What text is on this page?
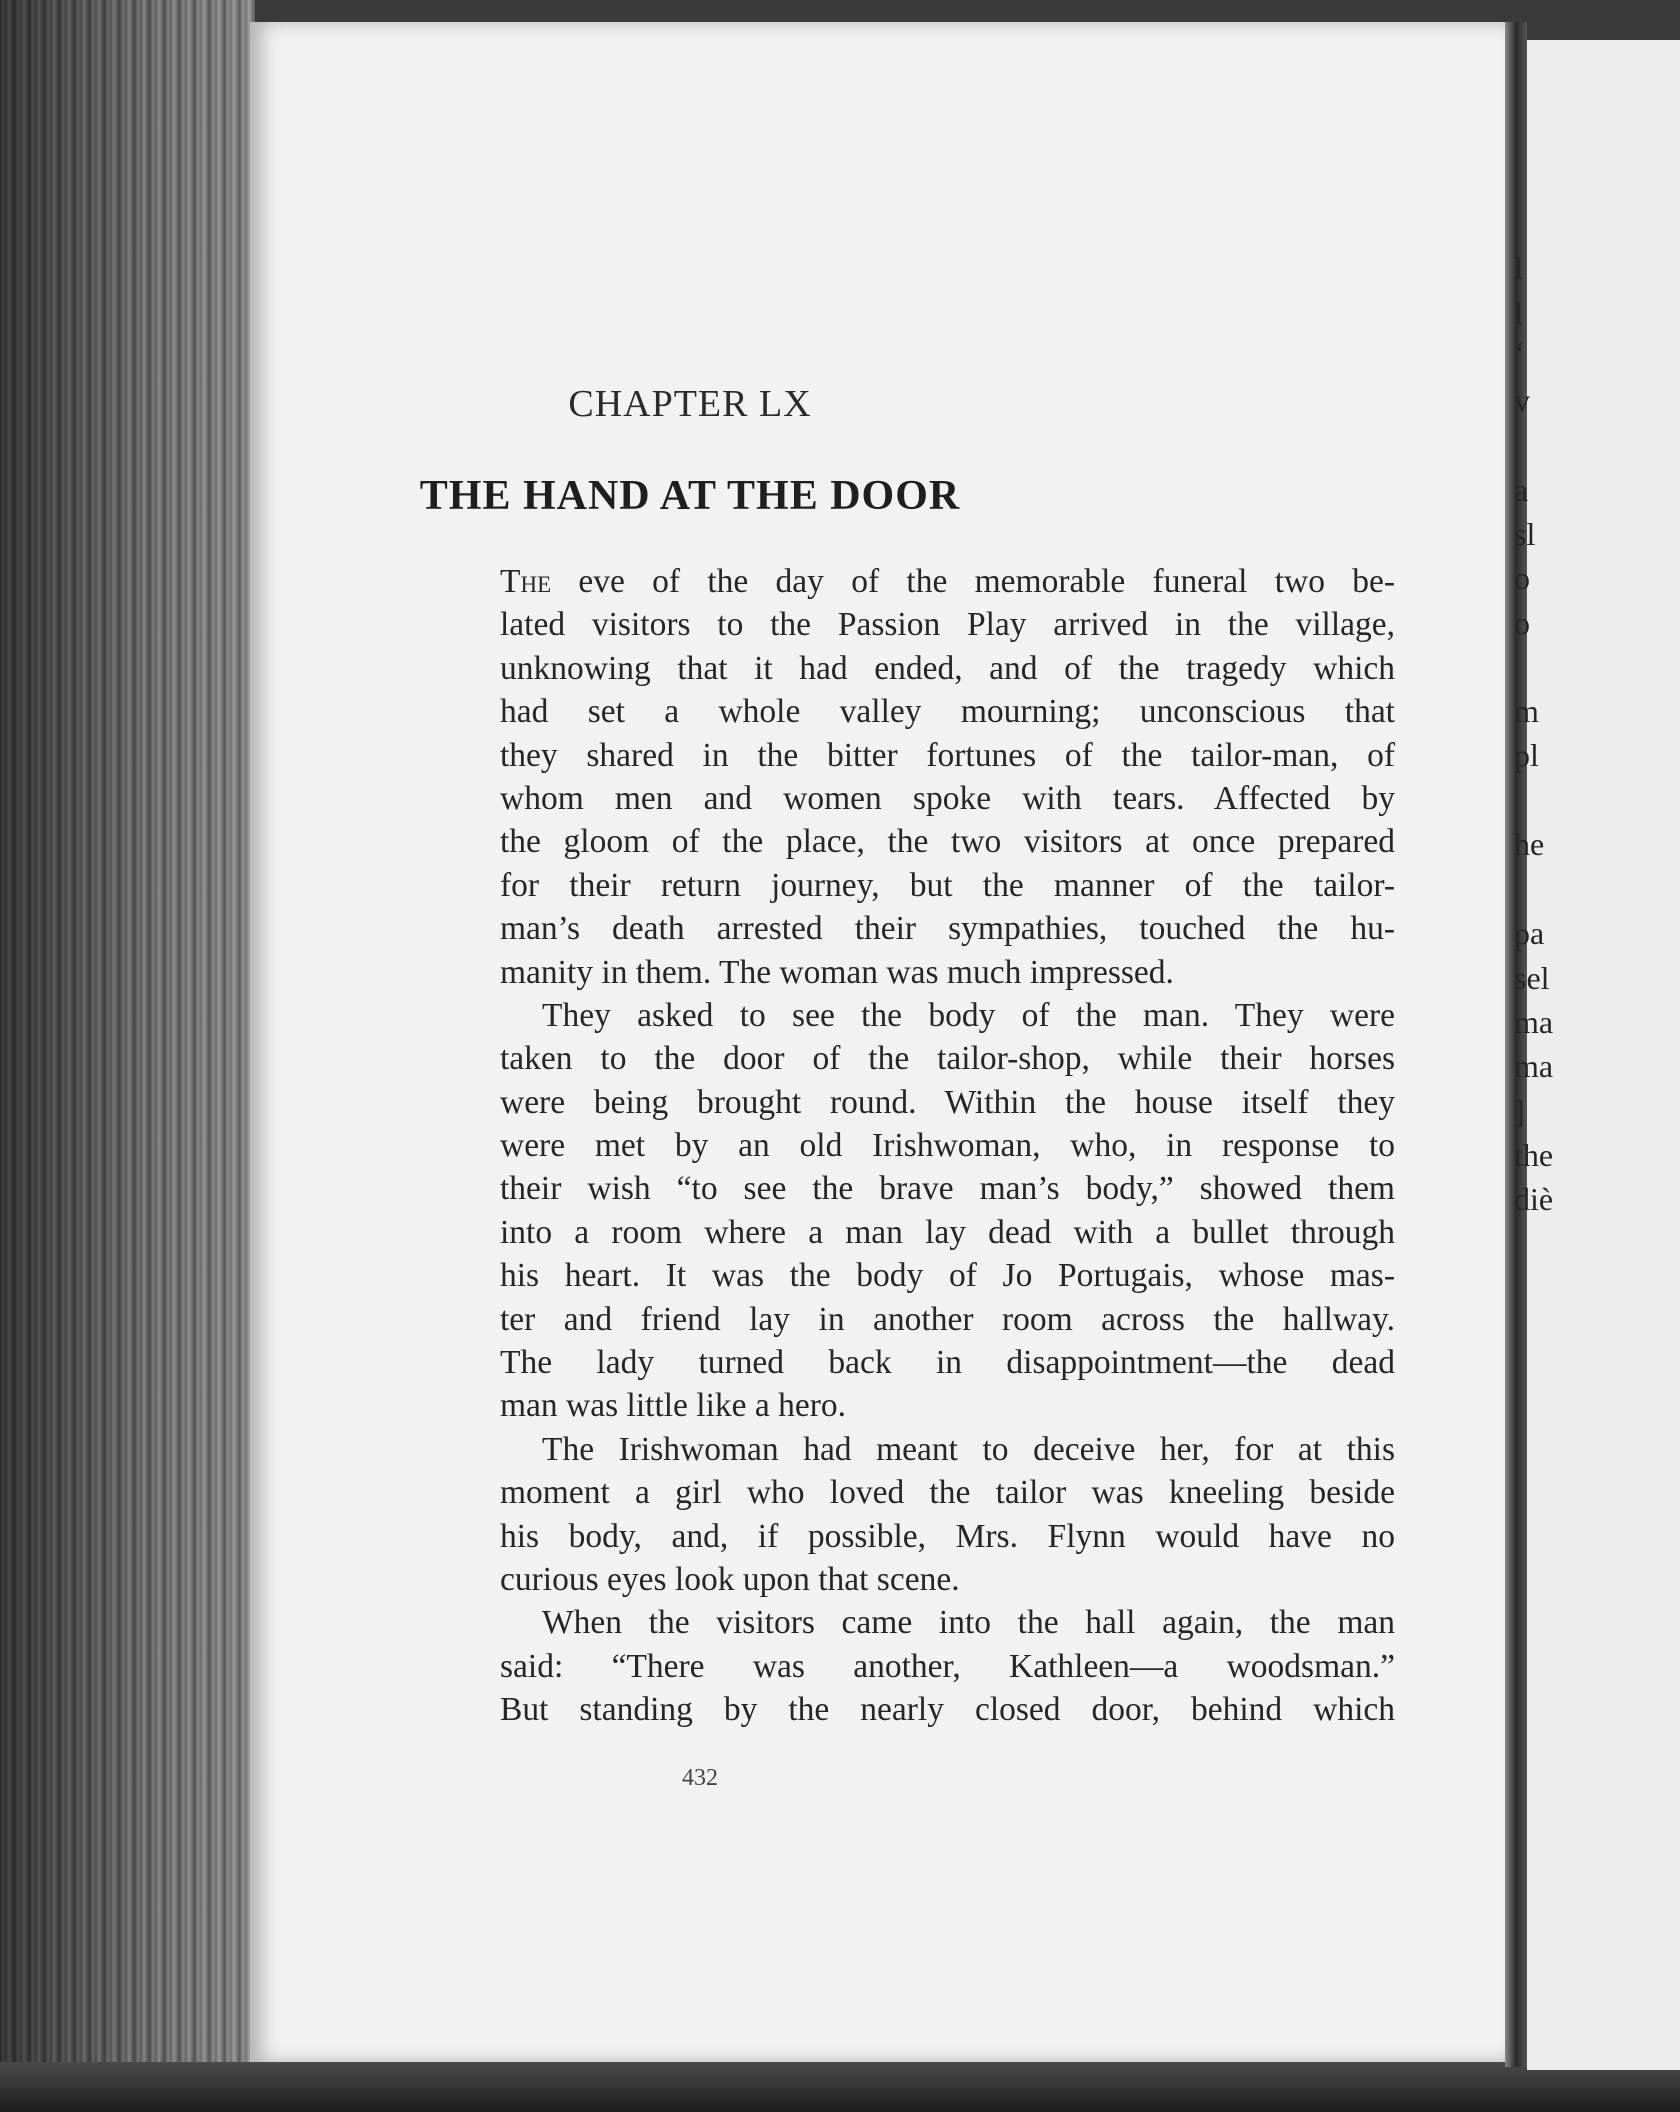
l
l
‘
v
a
sl
o
o
m
pl
he
pa
sel
ma
ma
]
the
diè
CHAPTER LX
THE HAND AT THE DOOR
The eve of the day of the memorable funeral two be-
lated visitors to the Passion Play arrived in the village,
unknowing that it had ended, and of the tragedy which
had set a whole valley mourning; unconscious that
they shared in the bitter fortunes of the tailor-man, of
whom men and women spoke with tears. Affected by
the gloom of the place, the two visitors at once prepared
for their return journey, but the manner of the tailor-
man’s death arrested their sympathies, touched the hu-
manity in them. The woman was much impressed.
They asked to see the body of the man. They were
taken to the door of the tailor-shop, while their horses
were being brought round. Within the house itself they
were met by an old Irishwoman, who, in response to
their wish “to see the brave man’s body,” showed them
into a room where a man lay dead with a bullet through
his heart. It was the body of Jo Portugais, whose mas-
ter and friend lay in another room across the hallway.
The lady turned back in disappointment—the dead
man was little like a hero.
The Irishwoman had meant to deceive her, for at this
moment a girl who loved the tailor was kneeling beside
his body, and, if possible, Mrs. Flynn would have no
curious eyes look upon that scene.
When the visitors came into the hall again, the man
said: “There was another, Kathleen—a woodsman.”
But standing by the nearly closed door, behind which
432
